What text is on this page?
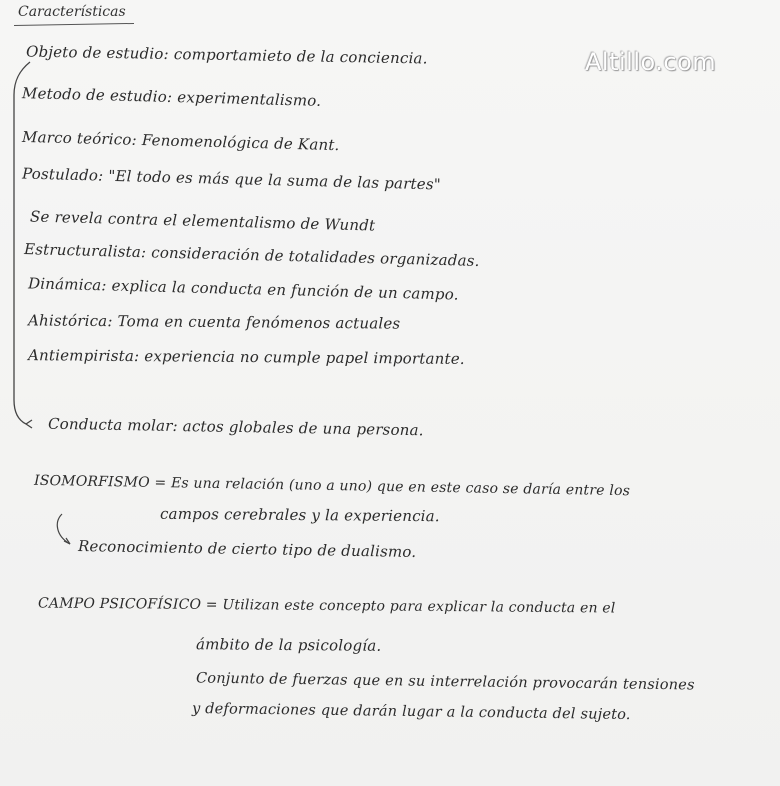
Características
Altillo.com
Objeto de estudio: comportamieto de la conciencia.
Metodo de estudio: experimentalismo.
Marco teórico: Fenomenológica de Kant.
Postulado: "El todo es más que la suma de las partes"
Se revela contra el elementalismo de Wundt
Estructuralista: consideración de totalidades organizadas.
Dinámica: explica la conducta en función de un campo.
Ahistórica: Toma en cuenta fenómenos actuales
Antiempirista: experiencia no cumple papel importante.
Conducta molar: actos globales de una persona.
ISOMORFISMO = Es una relación (uno a uno) que en este caso se daría entre los
campos cerebrales y la experiencia.
Reconocimiento de cierto tipo de dualismo.
CAMPO PSICOFÍSICO = Utilizan este concepto para explicar la conducta en el
ámbito de la psicología.
Conjunto de fuerzas que en su interrelación provocarán tensiones
y deformaciones que darán lugar a la conducta del sujeto.
